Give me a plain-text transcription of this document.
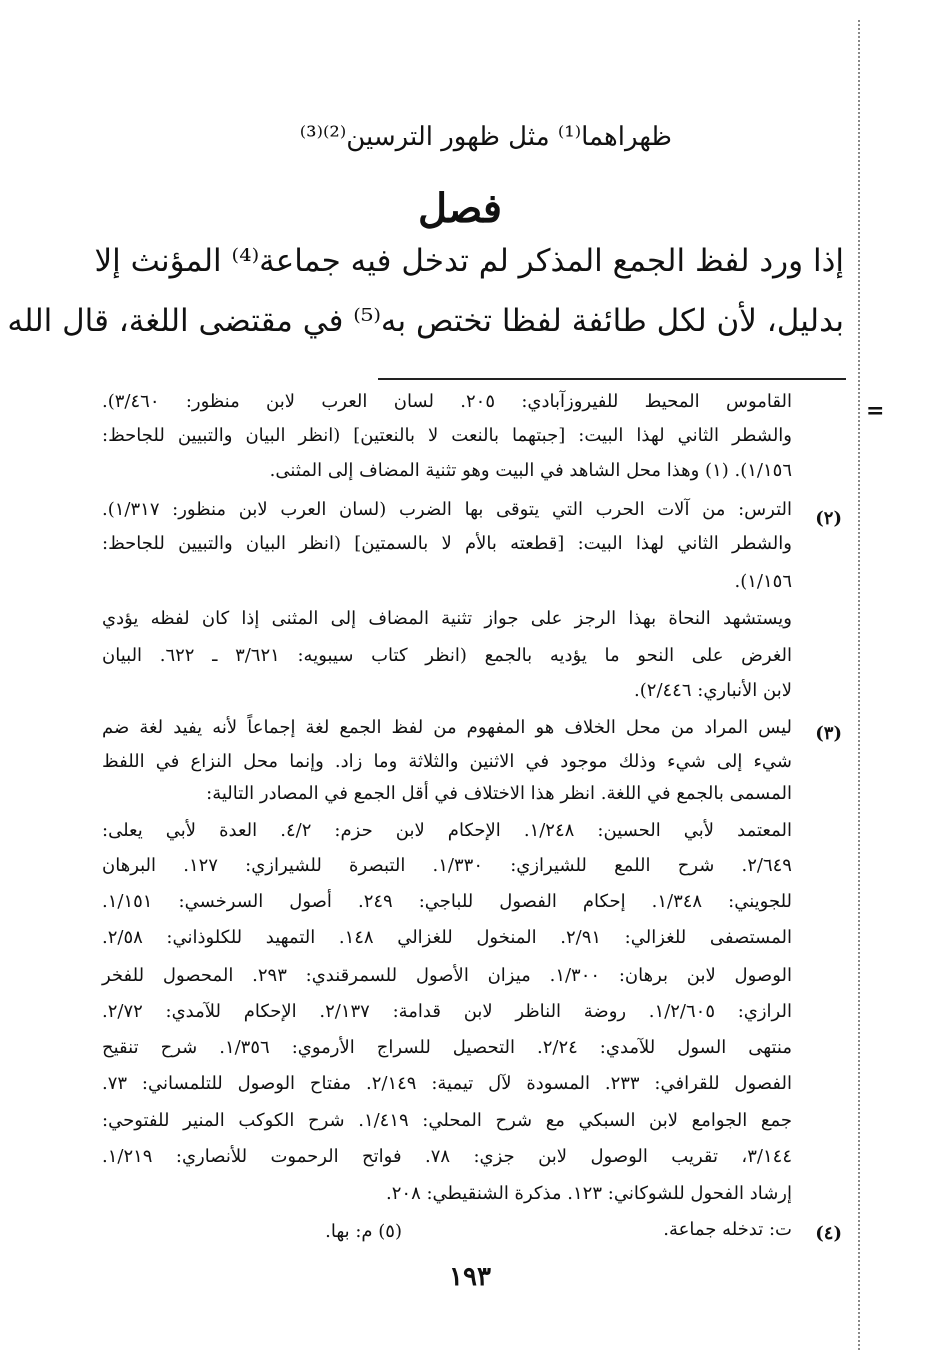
ظهراهما⁽¹⁾ مثل ظهور الترسين⁽²⁾⁽³⁾
فصل
إذا ورد لفظ الجمع المذكر لم تدخل فيه جماعة⁽⁴⁾ المؤنث إلا
بدليل، لأن لكل طائفة لفظا تختص به⁽⁵⁾ في مقتضى اللغة، قال الله
=
القاموس المحيط للفيروزآبادي: ٢٠٥. لسان العرب لابن منظور: ٣/٤٦٠).
والشطر الثاني لهذا البيت: [جبتهما بالنعت لا بالنعتين] (انظر البيان والتبيين للجاحظ:
١/١٥٦). (١) وهذا محل الشاهد في البيت وهو تثنية المضاف إلى المثنى.
(٢)
الترس: من آلات الحرب التي يتوقى بها الضرب (لسان العرب لابن منظور: ١/٣١٧).
والشطر الثاني لهذا البيت: [قطعته بالأم لا بالسمتين] (انظر البيان والتبيين للجاحظ:
١/١٥٦).
ويستشهد النحاة بهذا الرجز على جواز تثنية المضاف إلى المثنى إذا كان لفظه يؤدي
الغرض على النحو ما يؤديه بالجمع (انظر كتاب سيبويه: ٣/٦٢١ ـ ٦٢٢. البيان
لابن الأنباري: ٢/٤٤٦).
(٣)
ليس المراد من محل الخلاف هو المفهوم من لفظ الجمع لغة إجماعاً لأنه يفيد لغة ضم
شيء إلى شيء وذلك موجود في الاثنين والثلاثة وما زاد. وإنما محل النزاع في اللفظ
المسمى بالجمع في اللغة. انظر هذا الاختلاف في أقل الجمع في المصادر التالية:
المعتمد لأبي الحسين: ١/٢٤٨. الإحكام لابن حزم: ٤/٢. العدة لأبي يعلى:
٢/٦٤٩. شرح اللمع للشيرازي: ١/٣٣٠. التبصرة للشيرازي: ١٢٧. البرهان
للجويني: ١/٣٤٨. إحكام الفصول للباجي: ٢٤٩. أصول السرخسي: ١/١٥١.
المستصفى للغزالي: ٢/٩١. المنخول للغزالي ١٤٨. التمهيد للكلوذاني: ٢/٥٨.
الوصول لابن برهان: ١/٣٠٠. ميزان الأصول للسمرقندي: ٢٩٣. المحصول للفخر
الرازي: ١/٢/٦٠٥. روضة الناظر لابن قدامة: ٢/١٣٧. الإحكام للآمدي: ٢/٧٢.
منتهى السول للآمدي: ٢/٢٤. التحصيل للسراج الأرموي: ١/٣٥٦. شرح تنقيح
الفصول للقرافي: ٢٣٣. المسودة لآل تيمية: ٢/١٤٩. مفتاح الوصول للتلمساني: ٧٣.
جمع الجوامع لابن السبكي مع شرح المحلي: ١/٤١٩. شرح الكوكب المنير للفتوحي:
٣/١٤٤، تقريب الوصول لابن جزي: ٧٨. فواتح الرحموت للأنصاري: ١/٢١٩.
إرشاد الفحول للشوكاني: ١٢٣. مذكرة الشنقيطي: ٢٠٨.
(٤)
ت: تدخله جماعة.
(٥) م: بها.
١٩٣
